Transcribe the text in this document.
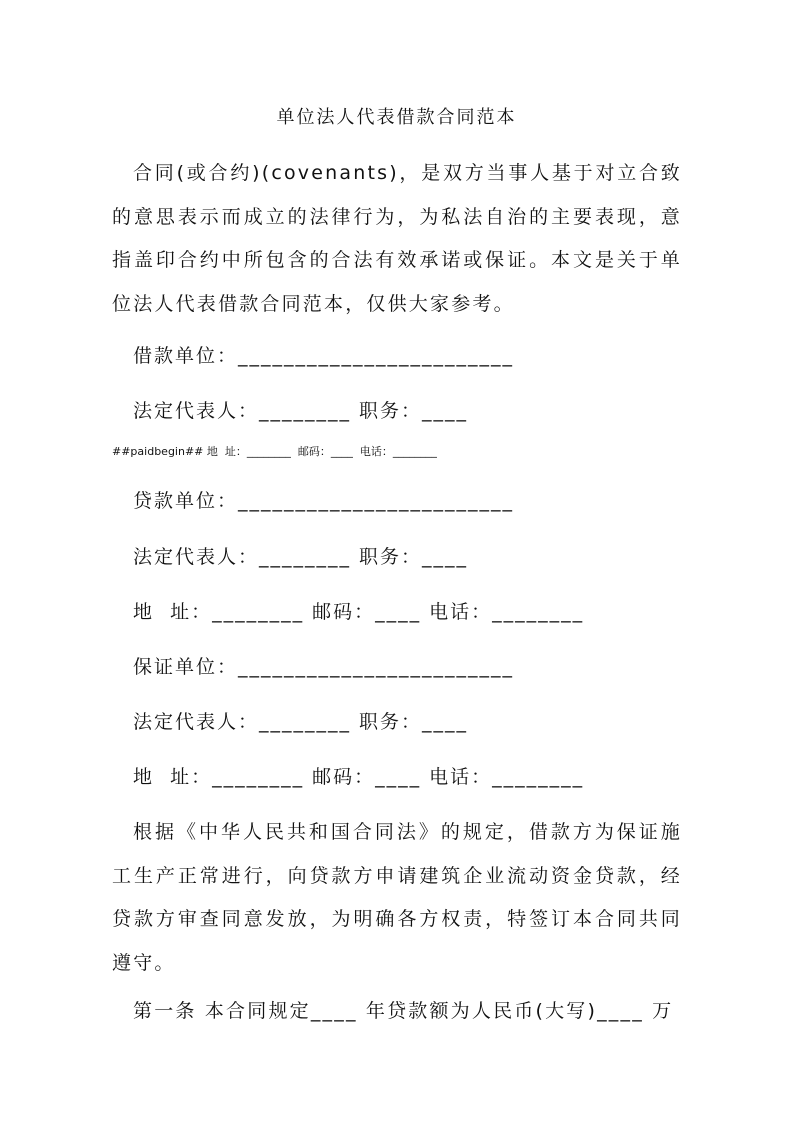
单位法人代表借款合同范本

合同(或合约)(covenants)，是双方当事人基于对立合致的意思表示而成立的法律行为，为私法自治的主要表现，意指盖印合约中所包含的合法有效承诺或保证。本文是关于单位法人代表借款合同范本，仅供大家参考。

借款单位：________________________
法定代表人：________ 职务：____
##paidbegin## 地  址：________  邮码：____  电话：________
贷款单位：________________________
法定代表人：________ 职务：____
地  址：________ 邮码：____ 电话：________
保证单位：________________________
法定代表人：________ 职务：____
地  址：________ 邮码：____ 电话：________

根据《中华人民共和国合同法》的规定，借款方为保证施工生产正常进行，向贷款方申请建筑企业流动资金贷款，经贷款方审查同意发放，为明确各方权责，特签订本合同共同遵守。

第一条 本合同规定____ 年贷款额为人民币(大写)____ 万
